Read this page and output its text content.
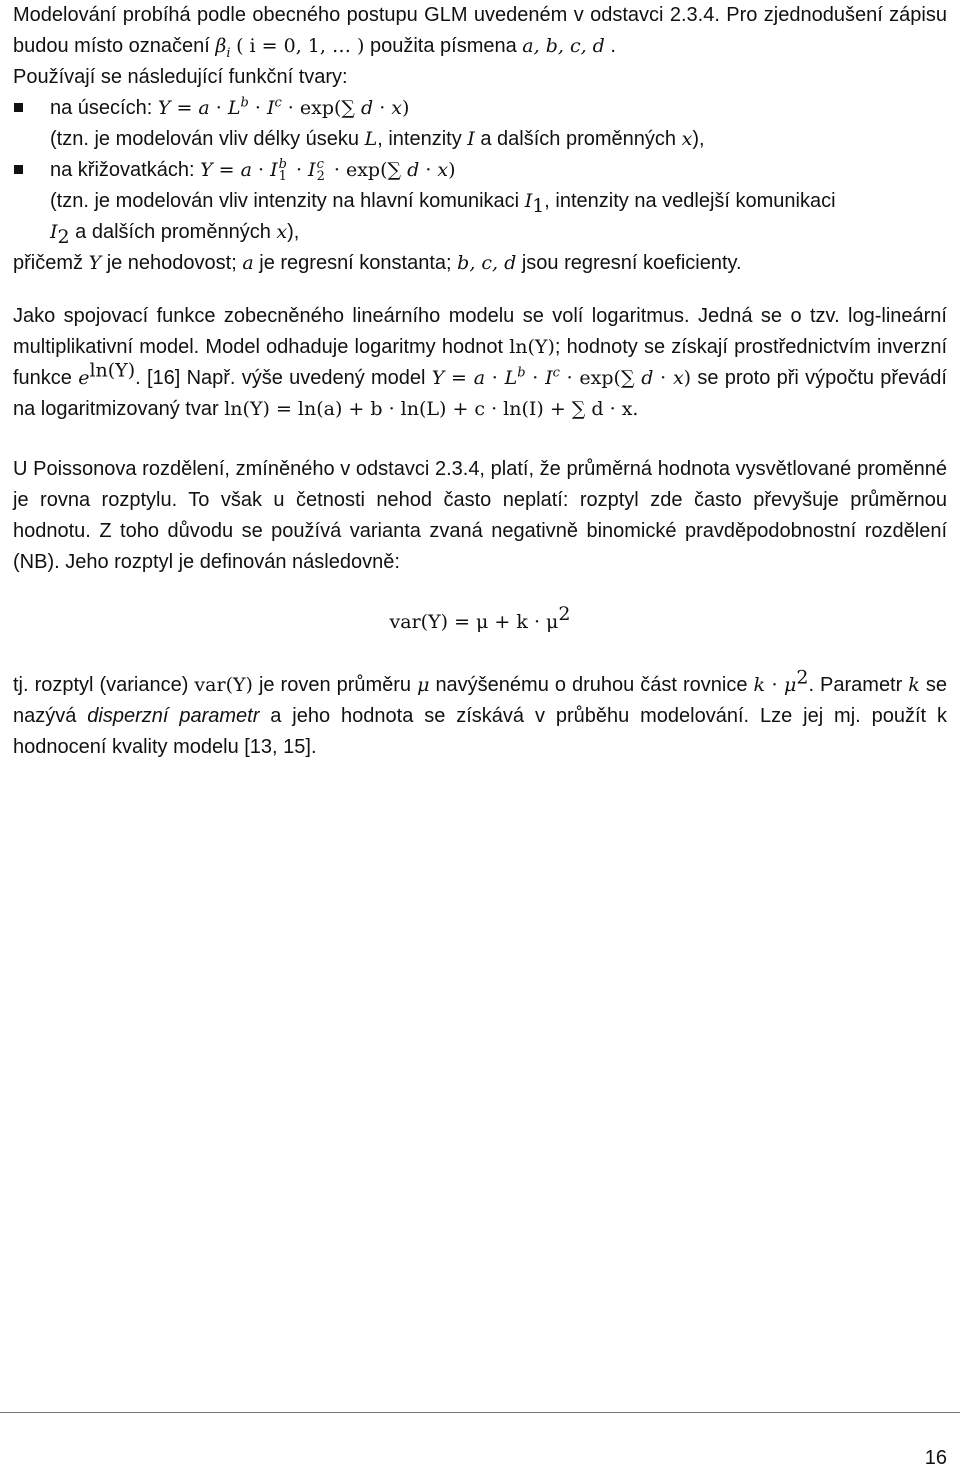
Modelování probíhá podle obecného postupu GLM uvedeném v odstavci 2.3.4. Pro zjednodušení zápisu budou místo označení $\beta_i$ ( i = 0, 1, … ) použita písmena a, b, c, d .

Používají se následující funkční tvary:

na úsecích: $Y = a \cdot L^b \cdot I^c \cdot \exp(\sum$ d · x)

(tzn. je modelován vliv délky úseku L, intenzity I a dalších proměnných x),

na křižovatkách: Y = a · I b
1 · I c
2 · exp(∑ d · x)

(tzn. je modelován vliv intenzity na hlavní komunikaci $I_1$, intenzity na vedlejší komunikaci
$I_2$ a dalších proměnných x),

přičemž Y je nehodovost; a je regresní konstanta; b, c, d jsou regresní koeficienty.

Jako spojovací funkce zobecněného lineárního modelu se volí logaritmus. Jedná se o tzv. log-lineární multiplikativní model. Model odhaduje logaritmy hodnot ln(Y); hodnoty se získají prostřednictvím inverzní funkce $e^{ln(Y)}$. [16] Např. výše uvedený model $Y = a \cdot L^b \cdot I^c \cdot \exp(\sum$ d · x) se proto při výpočtu převádí na logaritmizovaný tvar ln(Y) = ln(a) + b · ln(L) + c · ln(I) + ∑ d · x.

U Poissonova rozdělení, zmíněného v odstavci 2.3.4, platí, že průměrná hodnota vysvětlované proměnné je rovna rozptylu. To však u četnosti nehod často neplatí: rozptyl zde často převyšuje průměrnou hodnotu. Z toho důvodu se používá varianta zvaná negativně binomické pravděpodobnostní rozdělení (NB). Jeho rozptyl je definován následovně:

$var(Y) = \mu + k \cdot \mu^2$

tj. rozptyl (variance) var(Y) je roven průměru μ navýšenému o druhou část rovnice $k \cdot \mu^2$. Parametr k se nazývá disperzní parametr a jeho hodnota se získává v průběhu modelování. Lze jej mj. použít k hodnocení kvality modelu [13, 15].

16
